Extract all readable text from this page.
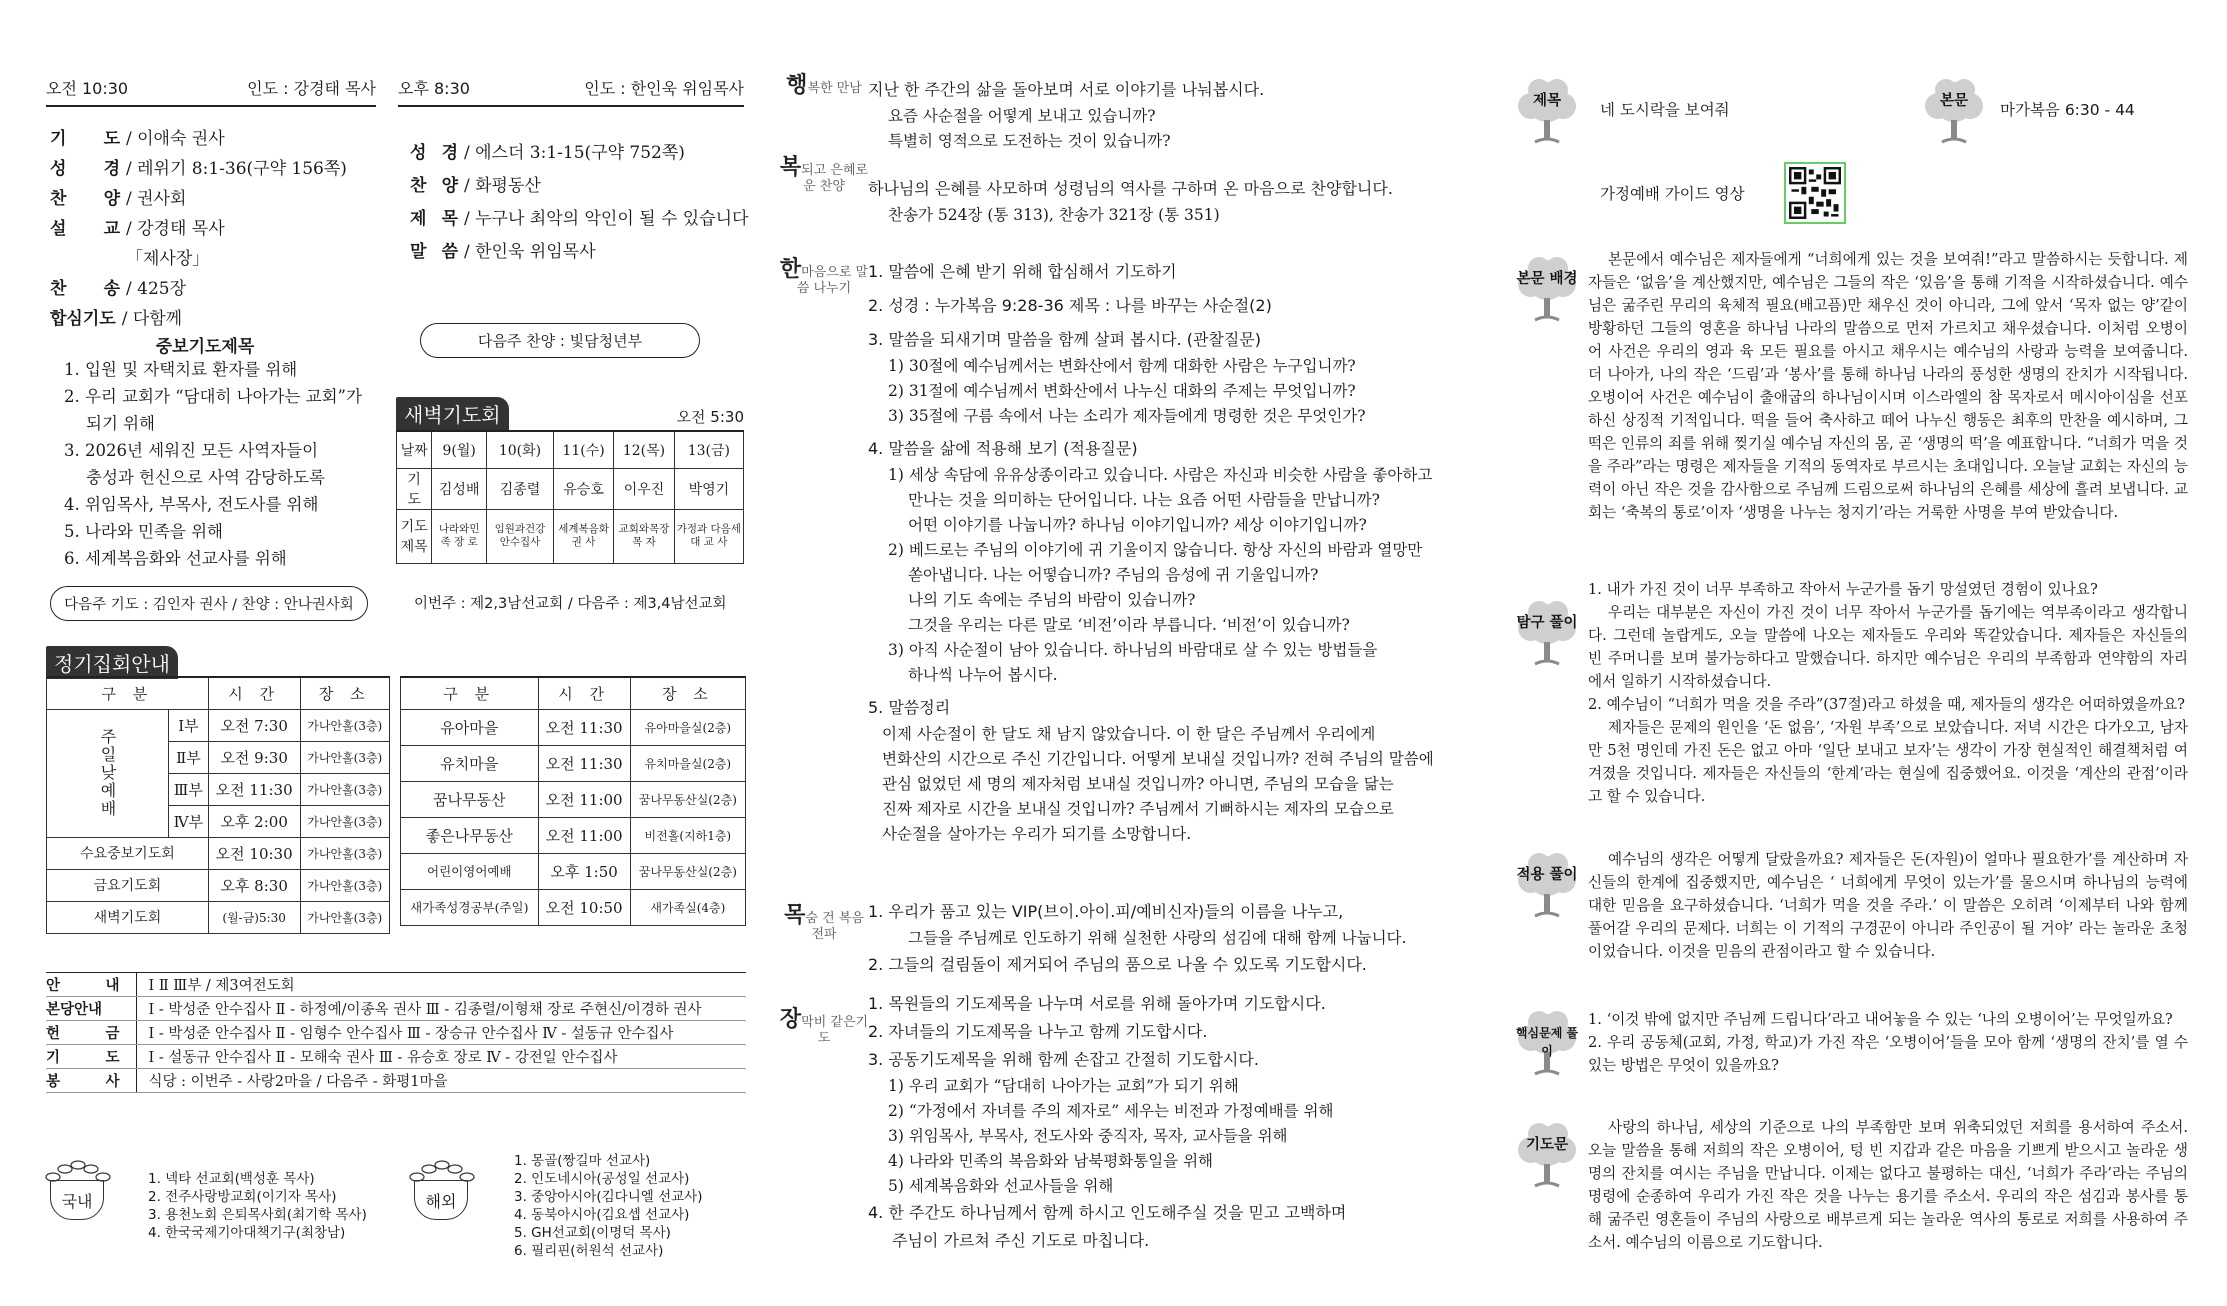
오전 10:30	인도 : 강경태 목사 오후 8:30	인도 : 한인욱 위임목사
기 도 / 이애숙 권사
성 경 / 레위기 8:1-36(구약 156쪽)
찬 양 / 권사회
설 교 / 강경태 목사
「제사장」
찬 송 / 425장
합심기도 / 다함께
성 경 / 에스더 3:1-15(구약 752쪽)
찬 양 / 화평동산
제 목 / 누구나 최악의 악인이 될 수 있습니다
말 씀 / 한인욱 위임목사
중보기도제목
1. 입원 및 자택치료 환자를 위해
2. 우리 교회가 “담대히 나아가는 교회”가
되기 위해
3. 2026년 세워진 모든 사역자들이
충성과 헌신으로 사역 감당하도록
4. 위임목사, 부목사, 전도사를 위해
5. 나라와 민족을 위해
6. 세계복음화와 선교사를 위해
다음주 찬양 : 빛담청년부
다음주 기도 : 김인자 권사 / 찬양 : 안나권사회
새벽기도회	오전 5:30
날짜	9(월)	10(화)	11(수)	12(목)	13(금)
기 도	김성배	김종렬	유승호	이우진	박영기
기도 제목	나라와민족 장 로	임원과건강 안수집사	세계복음화 권 사	교회와목장 목 자	가정과 다음세대 교 사
이번주 : 제2,3남선교회 / 다음주 : 제3,4남선교회
정기집회안내
구 분		시 간	장 소
주일낮예배	Ⅰ부	오전 7:30	가나안홀(3층)
	Ⅱ부	오전 9:30	가나안홀(3층)
	Ⅲ부	오전 11:30	가나안홀(3층)
	Ⅳ부	오후 2:00	가나안홀(3층)
수요중보기도회		오전 10:30	가나안홀(3층)
금요기도회		오후 8:30	가나안홀(3층)
새벽기도회		(월-금)5:30	가나안홀(3층)
구 분	시 간	장 소
유아마을	오전 11:30	유아마을실(2층)
유치마을	오전 11:30	유치마을실(2층)
꿈나무동산	오전 11:00	꿈나무동산실(2층)
좋은나무동산	오전 11:00	비전홀(지하1층)
어린이영어예배	오후 1:50	꿈나무동산실(2층)
새가족성경공부(주일)	오전 10:50	새가족실(4층)
안 내	Ⅰ Ⅱ Ⅲ부 / 제3여전도회
본당안내	Ⅰ - 박성준 안수집사 Ⅱ - 하정예/이종옥 권사 Ⅲ - 김종렬/이형채 장로 주현신/이경하 권사
헌 금	Ⅰ - 박성준 안수집사 Ⅱ - 임형수 안수집사 Ⅲ - 장승규 안수집사 Ⅳ - 설동규 안수집사
기 도	Ⅰ - 설동규 안수집사 Ⅱ - 모해숙 권사 Ⅲ - 유승호 장로 Ⅳ - 강전일 안수집사
봉 사	식당 : 이번주 - 사랑2마을 / 다음주 - 화평1마을
국내
1. 넥타 선교회(백성훈 목사)
2. 전주사랑방교회(이기자 목사)
3. 용천노회 은퇴목사회(최기학 목사)
4. 한국국제기아대책기구(최창남)
해외
1. 몽골(짱길마 선교사)
2. 인도네시아(공성일 선교사)
3. 중앙아시아(김다니엘 선교사)
4. 동북아시아(김요셉 선교사)
5. GH선교회(이명덕 목사)
6. 필리핀(허원석 선교사)
행복한 만남
복되고 은혜로운 찬양
한마음으로 말씀 나누기
목숨 건 복음전파
장막비 같은기도
지난 한 주간의 삶을 돌아보며 서로 이야기를 나눠봅시다.
요즘 사순절을 어떻게 보내고 있습니까?
특별히 영적으로 도전하는 것이 있습니까?
하나님의 은혜를 사모하며 성령님의 역사를 구하며 온 마음으로 찬양합니다.
찬송가 524장 (통 313), 찬송가 321장 (통 351)
1. 말씀에 은혜 받기 위해 합심해서 기도하기
2. 성경 : 누가복음 9:28-36 제목 : 나를 바꾸는 사순절(2)
3. 말씀을 되새기며 말씀을 함께 살펴 봅시다. (관찰질문)
1) 30절에 예수님께서는 변화산에서 함께 대화한 사람은 누구입니까?
2) 31절에 예수님께서 변화산에서 나누신 대화의 주제는 무엇입니까?
3) 35절에 구름 속에서 나는 소리가 제자들에게 명령한 것은 무엇인가?
4. 말씀을 삶에 적용해 보기 (적용질문)
1) 세상 속담에 유유상종이라고 있습니다. 사람은 자신과 비슷한 사람을 좋아하고
만나는 것을 의미하는 단어입니다. 나는 요즘 어떤 사람들을 만납니까?
어떤 이야기를 나눕니까? 하나님 이야기입니까? 세상 이야기입니까?
2) 베드로는 주님의 이야기에 귀 기울이지 않습니다. 항상 자신의 바람과 열망만
쏟아냅니다. 나는 어떻습니까? 주님의 음성에 귀 기울입니까?
나의 기도 속에는 주님의 바람이 있습니까?
그것을 우리는 다른 말로 ‘비전’이라 부릅니다. ‘비전’이 있습니까?
3) 아직 사순절이 남아 있습니다. 하나님의 바람대로 살 수 있는 방법들을
하나씩 나누어 봅시다.
5. 말씀정리
이제 사순절이 한 달도 채 남지 않았습니다. 이 한 달은 주님께서 우리에게
변화산의 시간으로 주신 기간입니다. 어떻게 보내실 것입니까? 전혀 주님의 말씀에
관심 없었던 세 명의 제자처럼 보내실 것입니까? 아니면, 주님의 모습을 닮는
진짜 제자로 시간을 보내실 것입니까? 주님께서 기뻐하시는 제자의 모습으로
사순절을 살아가는 우리가 되기를 소망합니다.
1. 우리가 품고 있는 VIP(브이.아이.피/예비신자)들의 이름을 나누고,
그들을 주님께로 인도하기 위해 실천한 사랑의 섬김에 대해 함께 나눕니다.
2. 그들의 걸림돌이 제거되어 주님의 품으로 나올 수 있도록 기도합시다.
1. 목원들의 기도제목을 나누며 서로를 위해 돌아가며 기도합시다.
2. 자녀들의 기도제목을 나누고 함께 기도합시다.
3. 공동기도제목을 위해 함께 손잡고 간절히 기도합시다.
1) 우리 교회가 “담대히 나아가는 교회”가 되기 위해
2) “가정에서 자녀를 주의 제자로” 세우는 비전과 가정예배를 위해
3) 위임목사, 부목사, 전도사와 중직자, 목자, 교사들을 위해
4) 나라와 민족의 복음화와 남북평화통일을 위해
5) 세계복음화와 선교사들을 위해
4. 한 주간도 하나님께서 함께 하시고 인도해주실 것을 믿고 고백하며
주님이 가르쳐 주신 기도로 마칩니다.
제목	네 도시락을 보여줘	본문	마가복음 6:30 - 44
가정예배 가이드 영상
본문 배경

본문에서 예수님은 제자들에게 “너희에게 있는 것을 보여줘!”라고 말씀하시는 듯합니다. 제자들은 ‘없음’을 계산했지만, 예수님은 그들의 작은 ‘있음’을 통해 기적을 시작하셨습니다. 예수님은 굶주린 무리의 육체적 필요(배고픔)만 채우신 것이 아니라, 그에 앞서 ‘목자 없는 양’같이 방황하던 그들의 영혼을 하나님 나라의 말씀으로 먼저 가르치고 채우셨습니다. 이처럼 오병이어 사건은 우리의 영과 육 모든 필요를 아시고 채우시는 예수님의 사랑과 능력을 보여줍니다. 더 나아가, 나의 작은 ‘드림’과 ‘봉사’를 통해 하나님 나라의 풍성한 생명의 잔치가 시작됩니다. 오병이어 사건은 예수님이 출애굽의 하나님이시며 이스라엘의 참 목자로서 메시아이심을 선포하신 상징적 기적입니다. 떡을 들어 축사하고 떼어 나누신 행동은 최후의 만찬을 예시하며, 그 떡은 인류의 죄를 위해 찢기실 예수님 자신의 몸, 곧 ‘생명의 떡’을 예표합니다. “너희가 먹을 것을 주라”라는 명령은 제자들을 기적의 동역자로 부르시는 초대입니다. 오늘날 교회는 자신의 능력이 아닌 작은 것을 감사함으로 주님께 드림으로써 하나님의 은혜를 세상에 흘려 보냅니다. 교회는 ‘축복의 통로’이자 ‘생명을 나누는 청지기’라는 거룩한 사명을 부여 받았습니다.

탐구 풀이

1. 내가 가진 것이 너무 부족하고 작아서 누군가를 돕기 망설였던 경험이 있나요?

우리는 대부분은 자신이 가진 것이 너무 작아서 누군가를 돕기에는 역부족이라고 생각합니다. 그런데 놀랍게도, 오늘 말씀에 나오는 제자들도 우리와 똑같았습니다. 제자들은 자신들의 빈 주머니를 보며 불가능하다고 말했습니다. 하지만 예수님은 우리의 부족함과 연약함의 자리에서 일하기 시작하셨습니다.

2. 예수님이 “너희가 먹을 것을 주라”(37절)라고 하셨을 때, 제자들의 생각은 어떠하였을까요?

제자들은 문제의 원인을 ‘돈 없음’, ‘자원 부족’으로 보았습니다. 저녁 시간은 다가오고, 남자만 5천 명인데 가진 돈은 없고 아마 ‘일단 보내고 보자’는 생각이 가장 현실적인 해결책처럼 여겨졌을 것입니다. 제자들은 자신들의 ‘한계’라는 현실에 집중했어요. 이것을 ‘계산의 관점’이라고 할 수 있습니다.

적용 풀이

예수님의 생각은 어떻게 달랐을까요? 제자들은 돈(자원)이 얼마나 필요한가’를 계산하며 자신들의 한계에 집중했지만, 예수님은 ‘ 너희에게 무엇이 있는가’를 물으시며 하나님의 능력에 대한 믿음을 요구하셨습니다. ‘너희가 먹을 것을 주라.’ 이 말씀은 오히려 ‘이제부터 나와 함께 풀어갈 우리의 문제다. 너희는 이 기적의 구경꾼이 아니라 주인공이 될 거야’ 라는 놀라운 초청이었습니다. 이것을 믿음의 관점이라고 할 수 있습니다.

핵심문제 풀이

1. ‘이것 밖에 없지만 주님께 드립니다’라고 내어놓을 수 있는 ‘나의 오병이어’는 무엇일까요?

2. 우리 공동체(교회, 가정, 학교)가 가진 작은 ‘오병이어’들을 모아 함께 ‘생명의 잔치’를 열 수 있는 방법은 무엇이 있을까요?

기도문

사랑의 하나님, 세상의 기준으로 나의 부족함만 보며 위축되었던 저희를 용서하여 주소서. 오늘 말씀을 통해 저희의 작은 오병이어, 텅 빈 지갑과 같은 마음을 기쁘게 받으시고 놀라운 생명의 잔치를 여시는 주님을 만납니다. 이제는 없다고 불평하는 대신, ‘너희가 주라’라는 주님의 명령에 순종하여 우리가 가진 작은 것을 나누는 용기를 주소서. 우리의 작은 섬김과 봉사를 통해 굶주린 영혼들이 주님의 사랑으로 배부르게 되는 놀라운 역사의 통로로 저희를 사용하여 주소서. 예수님의 이름으로 기도합니다.
